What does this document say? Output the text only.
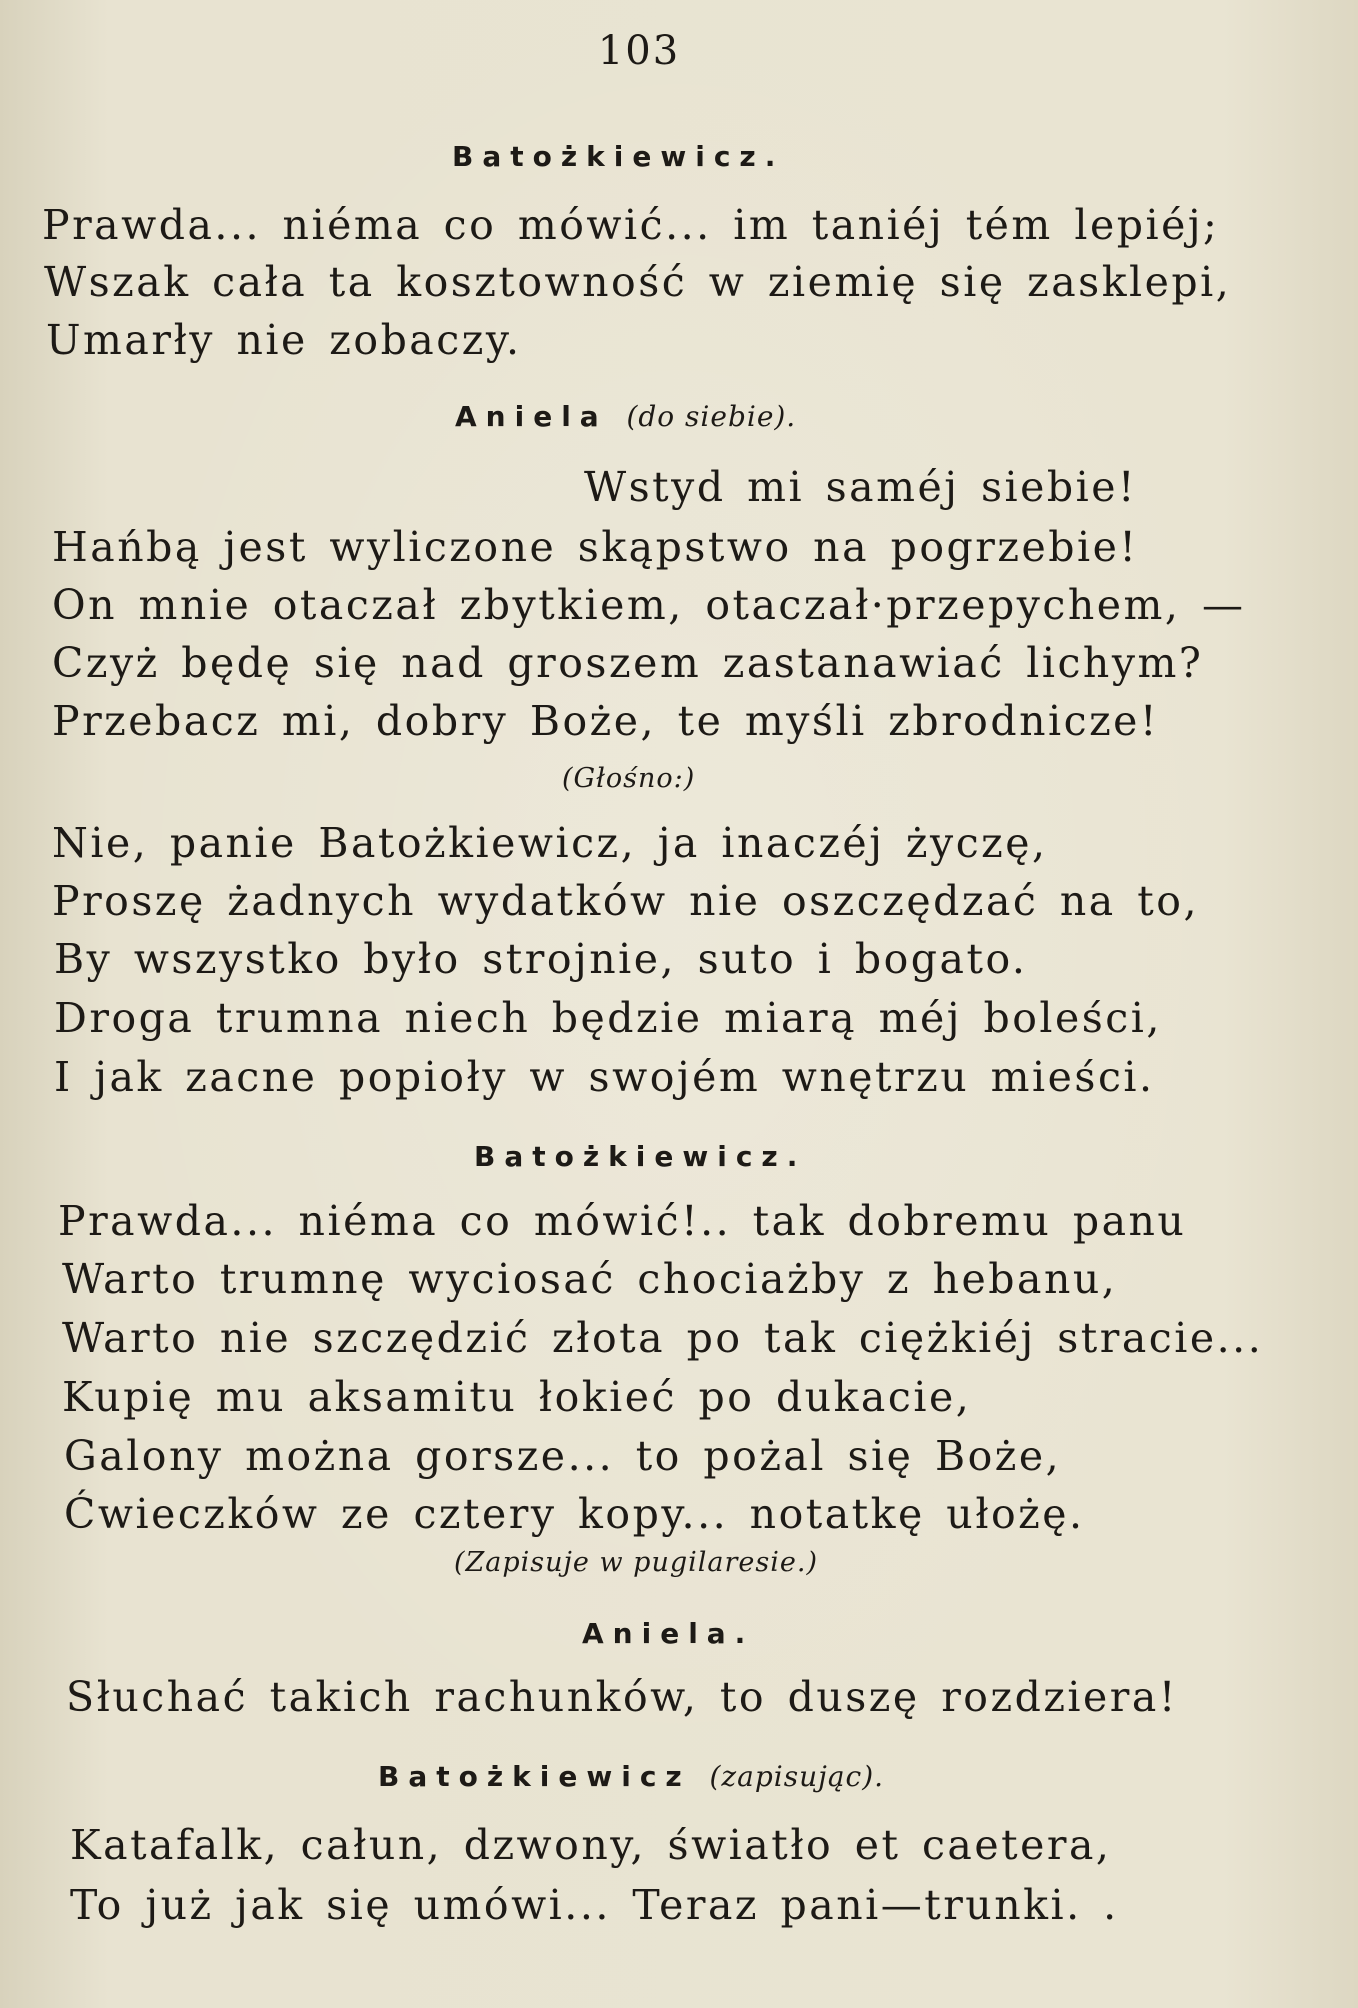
103
Batożkiewicz.
Prawda... niéma co mówić... im taniéj tém lepiéj;
Wszak cała ta kosztowność w ziemię się zasklepi,
Umarły nie zobaczy.
Aniela (do siebie).
Wstyd mi saméj siebie!
Hańbą jest wyliczone skąpstwo na pogrzebie!
On mnie otaczał zbytkiem, otaczał·przepychem, —
Czyż będę się nad groszem zastanawiać lichym?
Przebacz mi, dobry Boże, te myśli zbrodnicze!
(Głośno:)
Nie, panie Batożkiewicz, ja inaczéj życzę,
Proszę żadnych wydatków nie oszczędzać na to,
By wszystko było strojnie, suto i bogato.
Droga trumna niech będzie miarą méj boleści,
I jak zacne popioły w swojém wnętrzu mieści.
Batożkiewicz.
Prawda... niéma co mówić!.. tak dobremu panu
Warto trumnę wyciosać chociażby z hebanu,
Warto nie szczędzić złota po tak ciężkiéj stracie...
Kupię mu aksamitu łokieć po dukacie,
Galony można gorsze... to pożal się Boże,
Ćwieczków ze cztery kopy... notatkę ułożę.
(Zapisuje w pugilaresie.)
Aniela.
Słuchać takich rachunków, to duszę rozdziera!
Batożkiewicz (zapisując).
Katafalk, całun, dzwony, światło et caetera,
To już jak się umówi... Teraz pani—trunki. .
